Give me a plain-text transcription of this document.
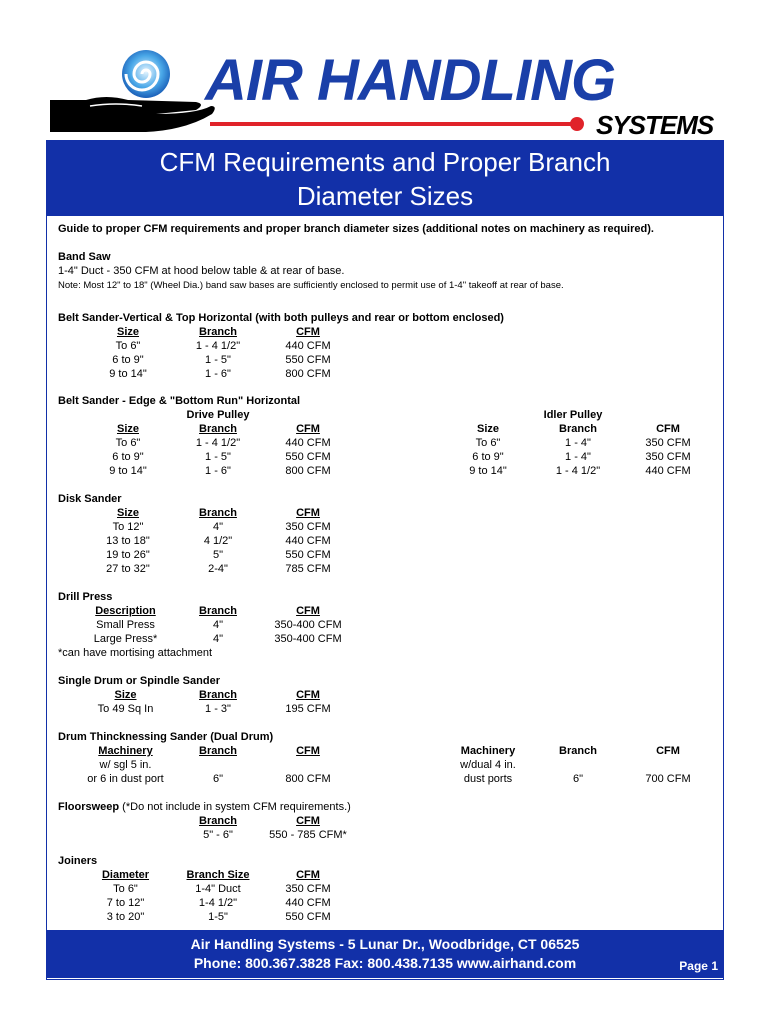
AIR HANDLING
SYSTEMS
CFM Requirements and Proper Branch
Diameter Sizes
Guide to proper CFM requirements and proper branch diameter sizes (additional notes on machinery as required).
Band Saw
1-4" Duct - 350 CFM at hood below table & at rear of base.
Note: Most 12" to 18" (Wheel Dia.) band saw bases are sufficiently enclosed to permit use of 1-4" takeoff at rear of base.
Belt Sander-Vertical & Top Horizontal (with both pulleys and rear or bottom enclosed)
Size	Branch	CFM
To 6"	1 - 4 1/2"	440 CFM
6 to 9"	1 - 5"	550 CFM
9 to 14"	1 - 6"	800 CFM
Belt Sander - Edge & "Bottom Run" Horizontal
Drive Pulley	Idler Pulley
Size	Branch	CFM	Size	Branch	CFM
To 6"	1 - 4 1/2"	440 CFM	To 6"	1 - 4"	350 CFM
6 to 9"	1 - 5"	550 CFM	6 to 9"	1 - 4"	350 CFM
9 to 14"	1 - 6"	800 CFM	9 to 14"	1 - 4 1/2"	440 CFM
Disk Sander
Size	Branch	CFM
To 12"	4"	350 CFM
13 to 18"	4 1/2"	440 CFM
19 to 26"	5"	550 CFM
27 to 32"	2-4"	785 CFM
Drill Press
Description	Branch	CFM
Small Press	4"	350-400 CFM
Large Press*	4"	350-400 CFM
*can have mortising attachment
Single Drum or Spindle Sander
Size	Branch	CFM
To 49 Sq In	1 - 3"	195 CFM
Drum Thincknessing Sander (Dual Drum)
Machinery	Branch	CFM	Machinery	Branch	CFM
w/ sgl 5 in.	w/dual 4 in.
or 6 in dust port	6"	800 CFM	dust ports	6"	700 CFM
Floorsweep (*Do not include in system CFM requirements.)
Branch	CFM
5" - 6"	550 - 785 CFM*
Joiners
Diameter	Branch Size	CFM
To 6"	1-4" Duct	350 CFM
7 to 12"	1-4 1/2"	440 CFM
3 to 20"	1-5"	550 CFM
Air Handling Systems - 5 Lunar Dr., Woodbridge, CT 06525
Phone: 800.367.3828 Fax: 800.438.7135 www.airhand.com	Page 1
